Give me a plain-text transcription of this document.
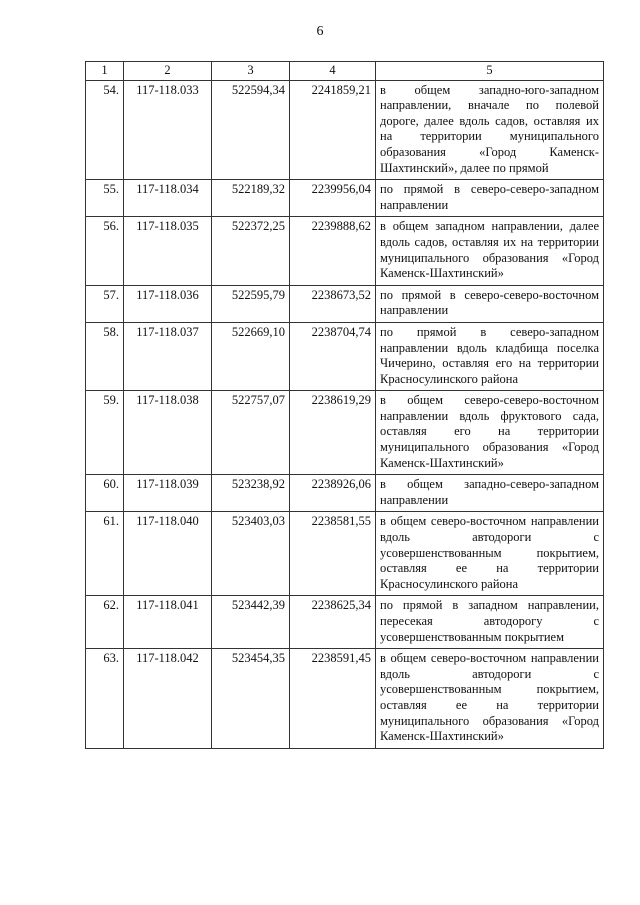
6
1	2	3	4	5
54.	117-118.033	522594,34	2241859,21	в общем западно-юго-западном направлении, вначале по полевой дороге, далее вдоль садов, оставляя их на территории муниципального образования «Город Каменск-Шахтинский», далее по прямой
55.	117-118.034	522189,32	2239956,04	по прямой в северо-северо-западном направлении
56.	117-118.035	522372,25	2239888,62	в общем западном направлении, далее вдоль садов, оставляя их на территории муниципального образования «Город Каменск-Шахтинский»
57.	117-118.036	522595,79	2238673,52	по прямой в северо-северо-восточном направлении
58.	117-118.037	522669,10	2238704,74	по прямой в северо-западном направлении вдоль кладбища поселка Чичерино, оставляя его на территории Красносулинского района
59.	117-118.038	522757,07	2238619,29	в общем северо-северо-восточном направлении вдоль фруктового сада, оставляя его на территории муниципального образования «Город Каменск-Шахтинский»
60.	117-118.039	523238,92	2238926,06	в общем западно-северо-западном направлении
61.	117-118.040	523403,03	2238581,55	в общем северо-восточном направлении вдоль автодороги с усовершенствованным покрытием, оставляя ее на территории Красносулинского района
62.	117-118.041	523442,39	2238625,34	по прямой в западном направлении, пересекая автодорогу с усовершенствованным покрытием
63.	117-118.042	523454,35	2238591,45	в общем северо-восточном направлении вдоль автодороги с усовершенствованным покрытием, оставляя ее на территории муниципального образования «Город Каменск-Шахтинский»
